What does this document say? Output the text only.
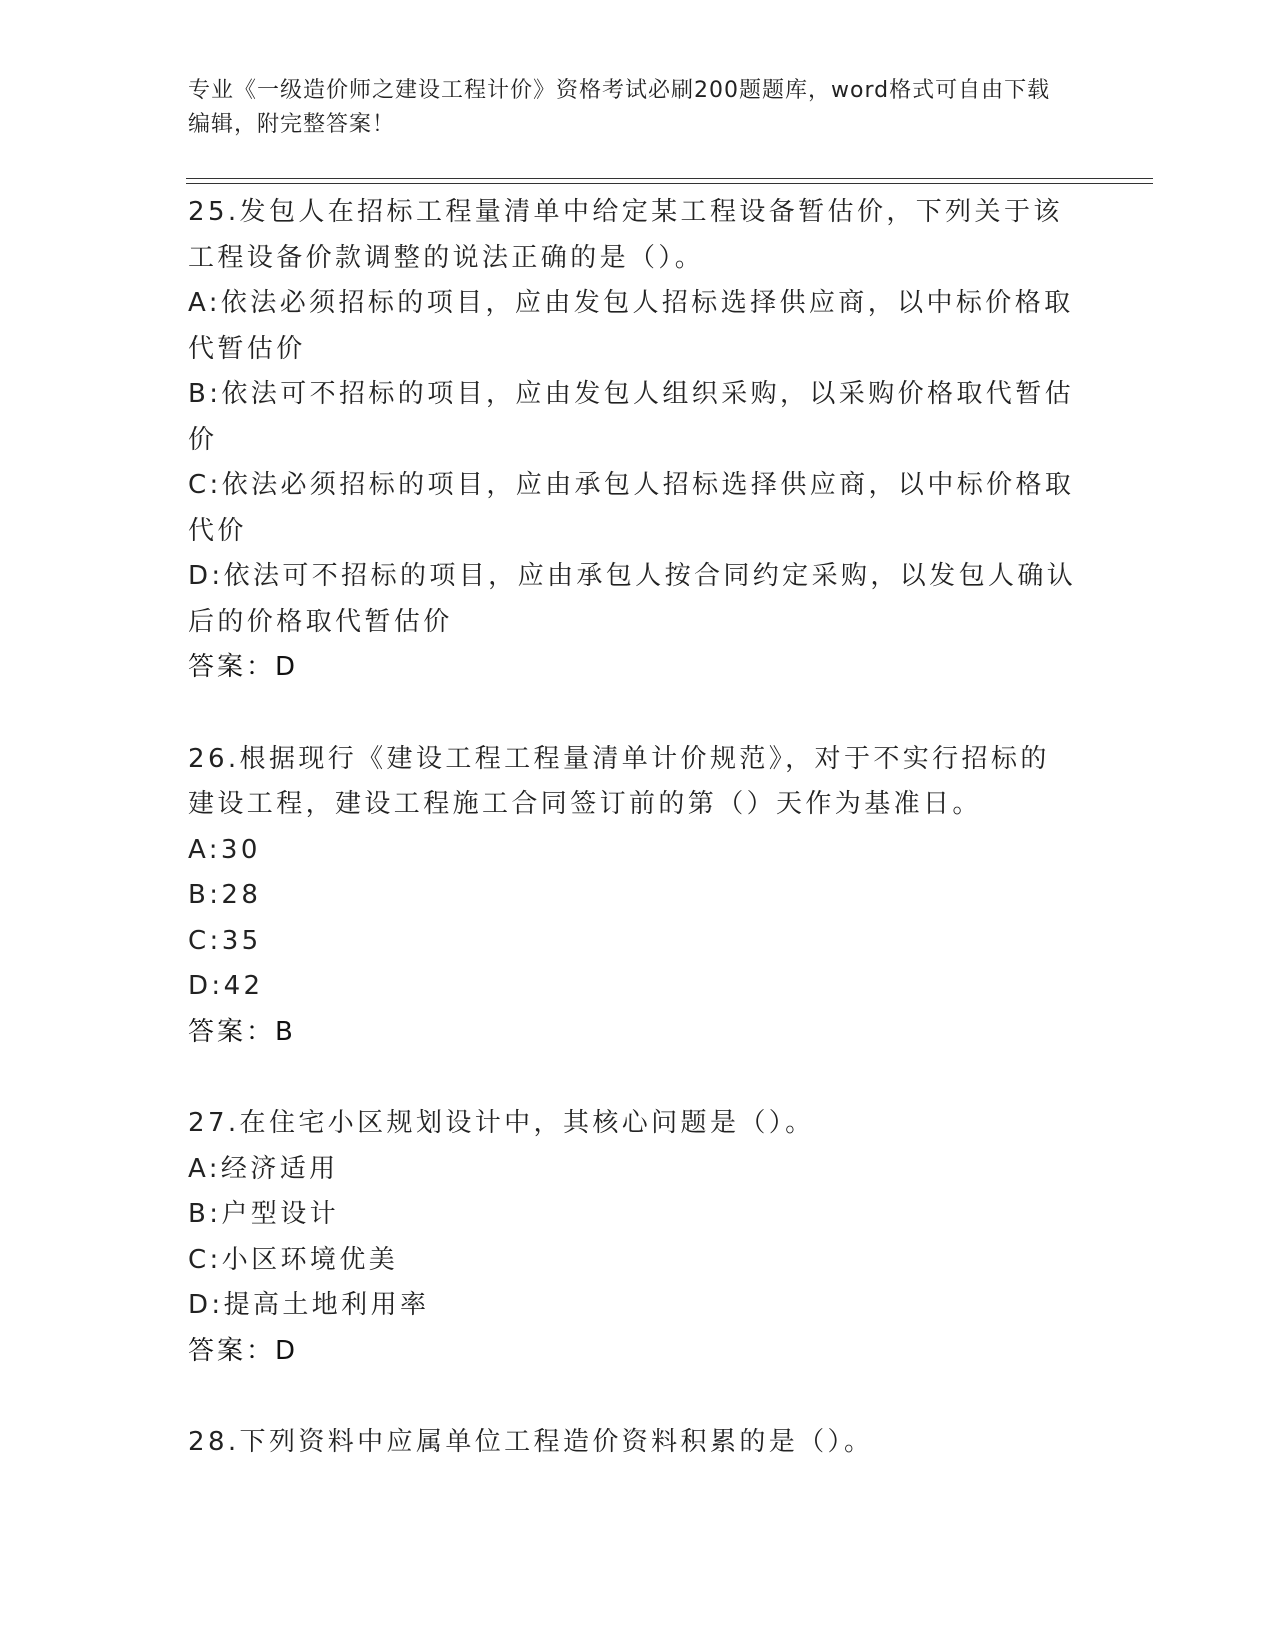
专业《一级造价师之建设工程计价》资格考试必刷200题题库，word格式可自由下载编辑，附完整答案！
25.发包人在招标工程量清单中给定某工程设备暂估价，下列关于该工程设备价款调整的说法正确的是（）。
A:依法必须招标的项目，应由发包人招标选择供应商，以中标价格取代暂估价
B:依法可不招标的项目，应由发包人组织采购，以采购价格取代暂估价
C:依法必须招标的项目，应由承包人招标选择供应商，以中标价格取代价
D:依法可不招标的项目，应由承包人按合同约定采购，以发包人确认后的价格取代暂估价
答案：D
26.根据现行《建设工程工程量清单计价规范》，对于不实行招标的建设工程，建设工程施工合同签订前的第（）天作为基准日。
A:30
B:28
C:35
D:42
答案：B
27.在住宅小区规划设计中，其核心问题是（）。
A:经济适用
B:户型设计
C:小区环境优美
D:提高土地利用率
答案：D
28.下列资料中应属单位工程造价资料积累的是（）。
